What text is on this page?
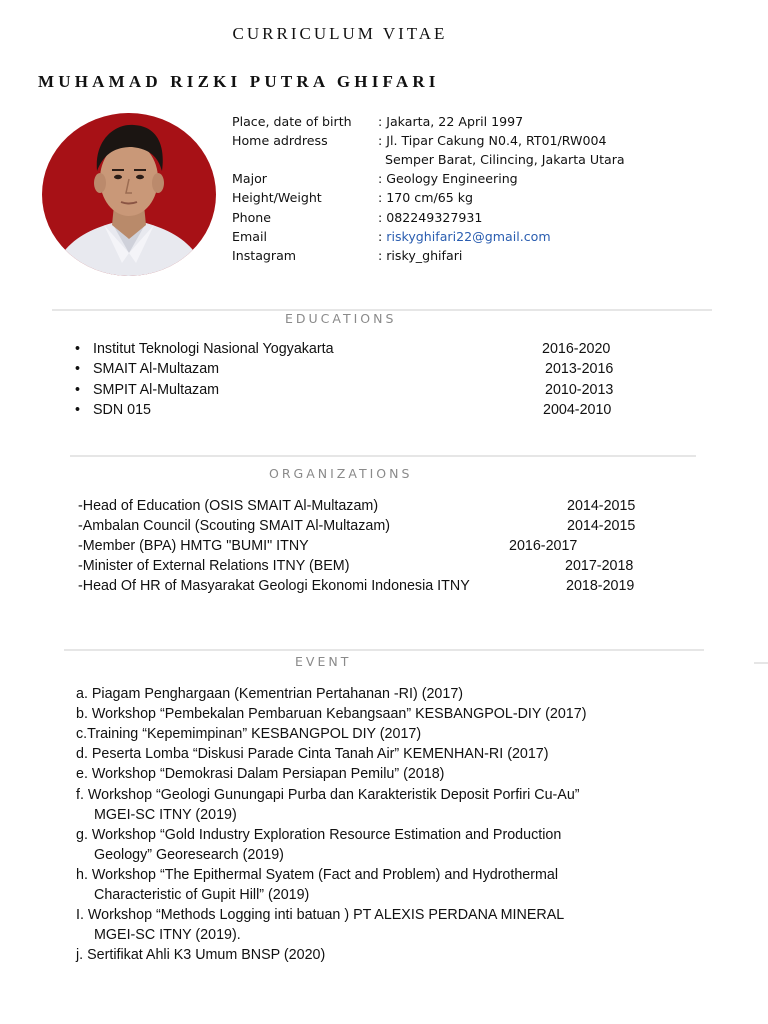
CURRICULUM VITAE
MUHAMAD RIZKI PUTRA GHIFARI
Place, date of birth : Jakarta, 22 April 1997
Home adrdress	: Jl. Tipar Cakung N0.4, RT01/RW004
Semper Barat, Cilincing, Jakarta Utara
Major	: Geology Engineering
Height/Weight	: 170 cm/65 kg
Phone	: 082249327931
Email	: riskyghifari22@gmail.com
Instagram	: risky_ghifari
EDUCATIONS
• Institut Teknologi Nasional Yogyakarta	2016-2020
• SMAIT Al-Multazam	2013-2016
• SMPIT Al-Multazam	2010-2013
• SDN 015	2004-2010
ORGANIZATIONS
-Head of Education (OSIS SMAIT Al-Multazam)	2014-2015
-Ambalan Council (Scouting SMAIT Al-Multazam)	2014-2015
-Member (BPA) HMTG "BUMI" ITNY	2016-2017
-Minister of External Relations ITNY (BEM)	2017-2018
-Head Of HR of Masyarakat Geologi Ekonomi Indonesia ITNY	2018-2019
EVENT
a. Piagam Penghargaan (Kementrian Pertahanan -RI) (2017)
b. Workshop “Pembekalan Pembaruan Kebangsaan” KESBANGPOL-DIY (2017)
c.Training “Kepemimpinan” KESBANGPOL DIY (2017)
d. Peserta Lomba “Diskusi Parade Cinta Tanah Air” KEMENHAN-RI (2017)
e. Workshop “Demokrasi Dalam Persiapan Pemilu” (2018)
f. Workshop “Geologi Gunungapi Purba dan Karakteristik Deposit Porfiri Cu-Au”
MGEI-SC ITNY (2019)
g. Workshop “Gold Industry Exploration Resource Estimation and Production
Geology” Georesearch (2019)
h. Workshop “The Epithermal Syatem (Fact and Problem) and Hydrothermal
Characteristic of Gupit Hill” (2019)
I. Workshop “Methods Logging inti batuan ) PT ALEXIS PERDANA MINERAL
MGEI-SC ITNY (2019).
j. Sertifikat Ahli K3 Umum BNSP (2020)
